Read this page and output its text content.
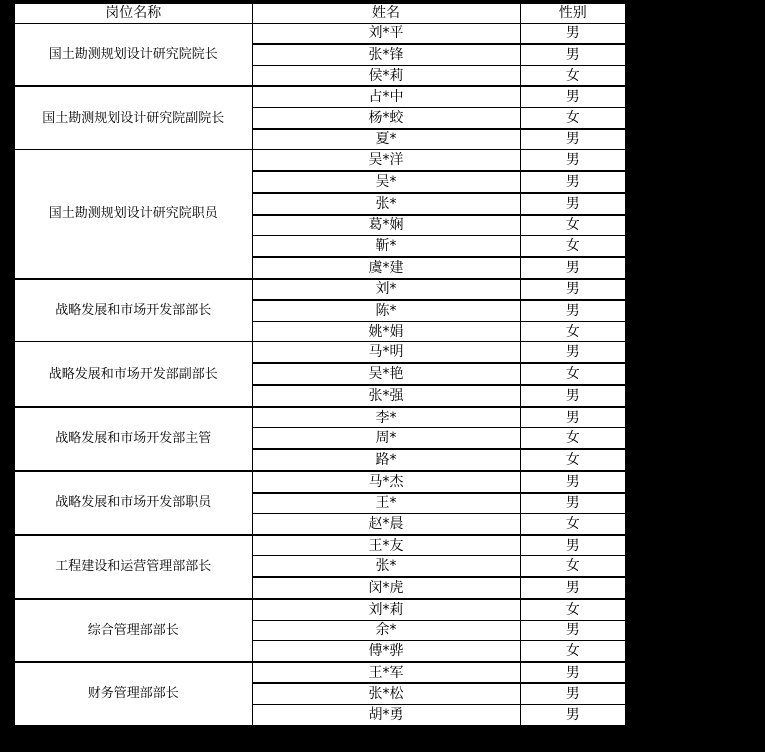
岗位名称	姓名	性别
国土勘测规划设计研究院院长	刘*平	男
	张*锋	男
	侯*莉	女
国土勘测规划设计研究院副院长	占*中	男
	杨*蛟	女
	夏*	男
国土勘测规划设计研究院职员	吴*洋	男
	吴*	男
	张*	男
	葛*娴	女
	靳*	女
	虞*建	男
战略发展和市场开发部部长	刘*	男
	陈*	男
	姚*娟	女
战略发展和市场开发部副部长	马*明	男
	吴*艳	女
	张*强	男
战略发展和市场开发部主管	李*	男
	周*	女
	路*	女
战略发展和市场开发部职员	马*杰	男
	王*	男
	赵*晨	女
工程建设和运营管理部部长	王*友	男
	张*	女
	闵*虎	男
综合管理部部长	刘*莉	女
	余*	男
	傅*骅	女
财务管理部部长	王*军	男
	张*松	男
	胡*勇	男
